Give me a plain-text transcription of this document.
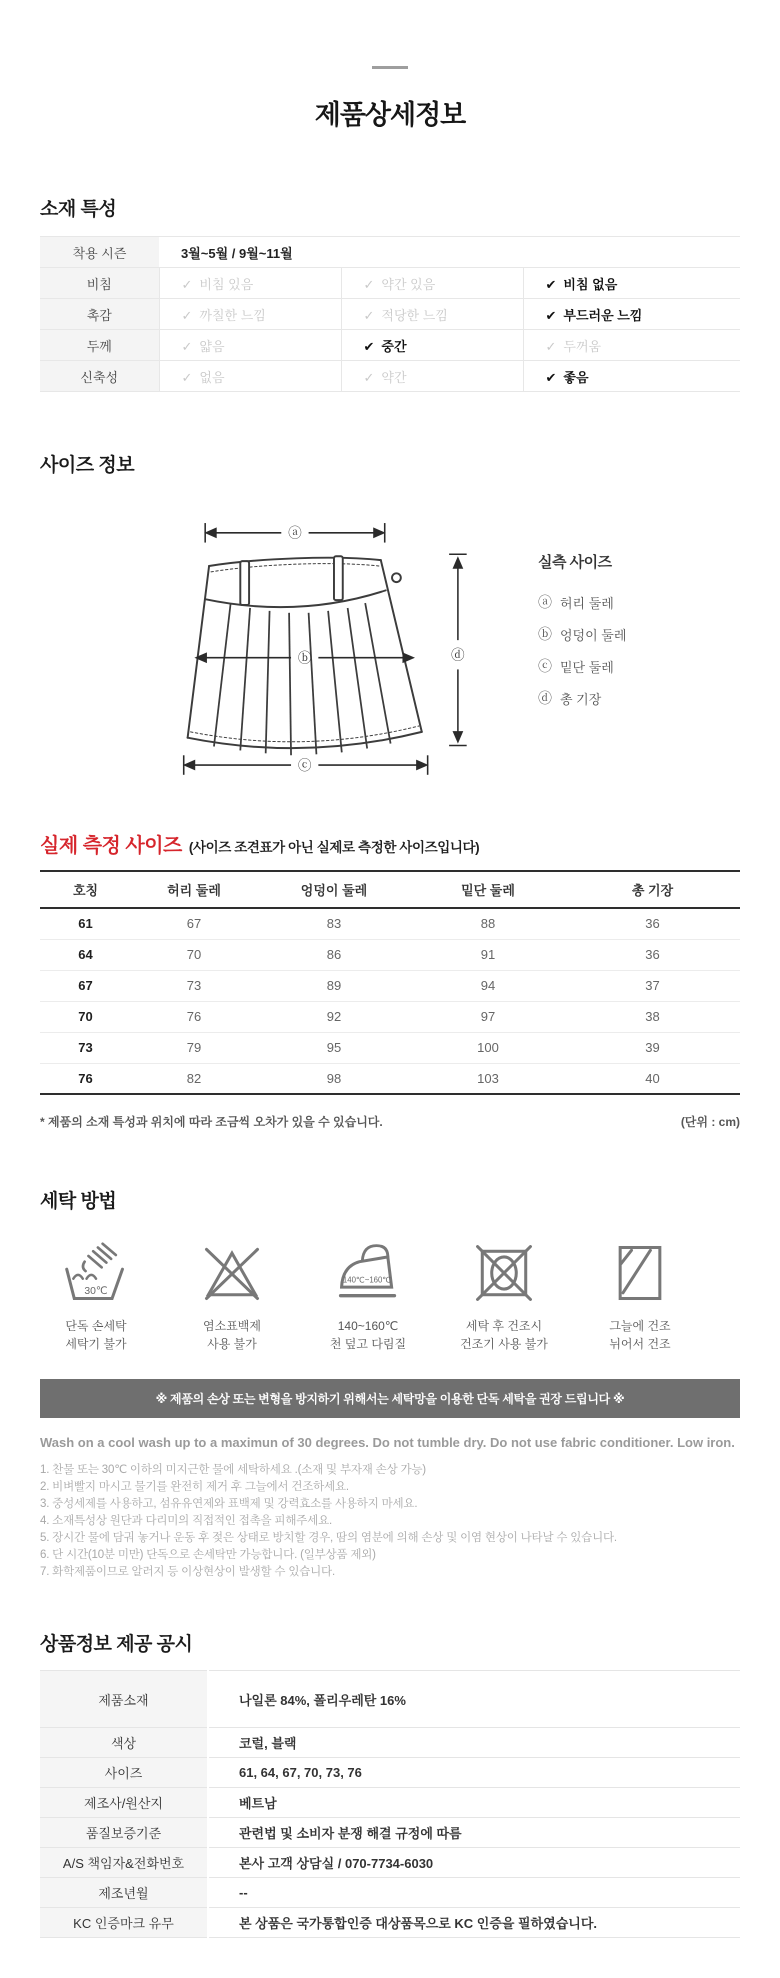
제품상세정보
소재 특성
착용 시즌	3월~5월 / 9월~11월		
비침	✓ 비침 있음	✓ 약간 있음	✔ 비침 없음
촉감	✓ 까칠한 느낌	✓ 적당한 느낌	✔ 부드러운 느낌
두께	✓ 얇음	✔ 중간	✓ 두꺼움
신축성	✓ 없음	✓ 약간	✔ 좋음
사이즈 정보
ⓐ
ⓑ
ⓒ
ⓓ
실측 사이즈
ⓐ 허리 둘레
ⓑ 엉덩이 둘레
ⓒ 밑단 둘레
ⓓ 총 기장
실제 측정 사이즈 (사이즈 조견표가 아닌 실제로 측정한 사이즈입니다)
호칭	허리 둘레	엉덩이 둘레	밑단 둘레	총 기장
61	67	83	88	36
64	70	86	91	36
67	73	89	94	37
70	76	92	97	38
73	79	95	100	39
76	82	98	103	40
* 제품의 소재 특성과 위치에 따라 조금씩 오차가 있을 수 있습니다.	(단위 : cm)
세탁 방법
30℃
단독 손세탁
세탁기 불가
염소표백제
사용 불가
140℃~160℃
140~160℃
천 덮고 다림질
세탁 후 건조시
건조기 사용 불가
그늘에 건조
뉘어서 건조
※ 제품의 손상 또는 변형을 방지하기 위해서는 세탁망을 이용한 단독 세탁을 권장 드립니다 ※

Wash on a cool wash up to a maximun of 30 degrees. Do not tumble dry. Do not use fabric conditioner. Low iron.

1. 찬물 또는 30℃ 이하의 미지근한 물에 세탁하세요 .(소재 및 부자재 손상 가능)
2. 비벼빨지 마시고 물기를 완전히 제거 후 그늘에서 건조하세요.
3. 중성세제를 사용하고, 섬유유연제와 표백제 및 강력효소를 사용하지 마세요.
4. 소재특성상 원단과 다리미의 직접적인 접촉을 피해주세요.
5. 장시간 물에 담궈 놓거나 운동 후 젖은 상태로 방치할 경우, 땀의 염분에 의해 손상 및 이염 현상이 나타날 수 있습니다.
6. 단 시간(10분 미만) 단독으로 손세탁만 가능합니다. (일부상품 제외)
7. 화학제품이므로 알러지 등 이상현상이 발생할 수 있습니다.
상품정보 제공 공시
제품소재	나일론 84%, 폴리우레탄 16%
색상	코럴, 블랙
사이즈	61, 64, 67, 70, 73, 76
제조사/원산지	베트남
품질보증기준	관련법 및 소비자 분쟁 해결 규정에 따름
A/S 책임자&전화번호	본사 고객 상담실 / 070-7734-6030
제조년월	--
KC 인증마크 유무	본 상품은 국가통합인증 대상품목으로 KC 인증을 필하였습니다.
